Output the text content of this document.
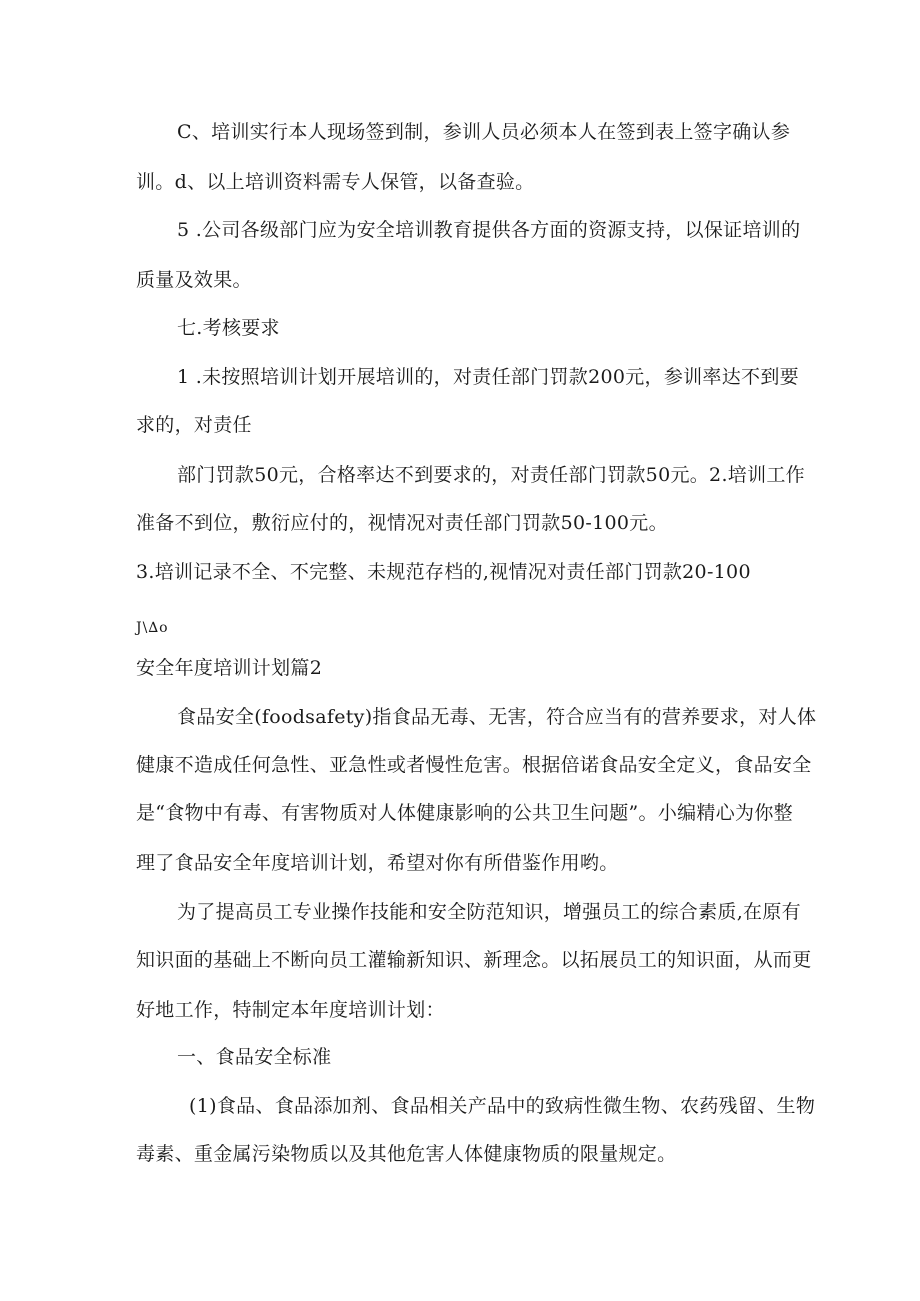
C、培训实行本人现场签到制，参训人员必须本人在签到表上签字确认参
训。d、以上培训资料需专人保管，以备查验。
5 .公司各级部门应为安全培训教育提供各方面的资源支持，以保证培训的
质量及效果。
七.考核要求
1 .未按照培训计划开展培训的，对责任部门罚款200元，参训率达不到要
求的，对责任
部门罚款50元，合格率达不到要求的，对责任部门罚款50元。2.培训工作
准备不到位，敷衍应付的，视情况对责任部门罚款50-100元。
3.培训记录不全、不完整、未规范存档的,视情况对责任部门罚款20-100
J\∆o
安全年度培训计划篇2
食品安全(foodsafety)指食品无毒、无害，符合应当有的营养要求，对人体
健康不造成任何急性、亚急性或者慢性危害。根据倍诺食品安全定义，食品安全
是“食物中有毒、有害物质对人体健康影响的公共卫生问题”。小编精心为你整
理了食品安全年度培训计划，希望对你有所借鉴作用哟。
为了提高员工专业操作技能和安全防范知识，增强员工的综合素质,在原有
知识面的基础上不断向员工灌输新知识、新理念。以拓展员工的知识面，从而更
好地工作，特制定本年度培训计划：
一、食品安全标准
(1)食品、食品添加剂、食品相关产品中的致病性微生物、农药残留、生物
毒素、重金属污染物质以及其他危害人体健康物质的限量规定。
